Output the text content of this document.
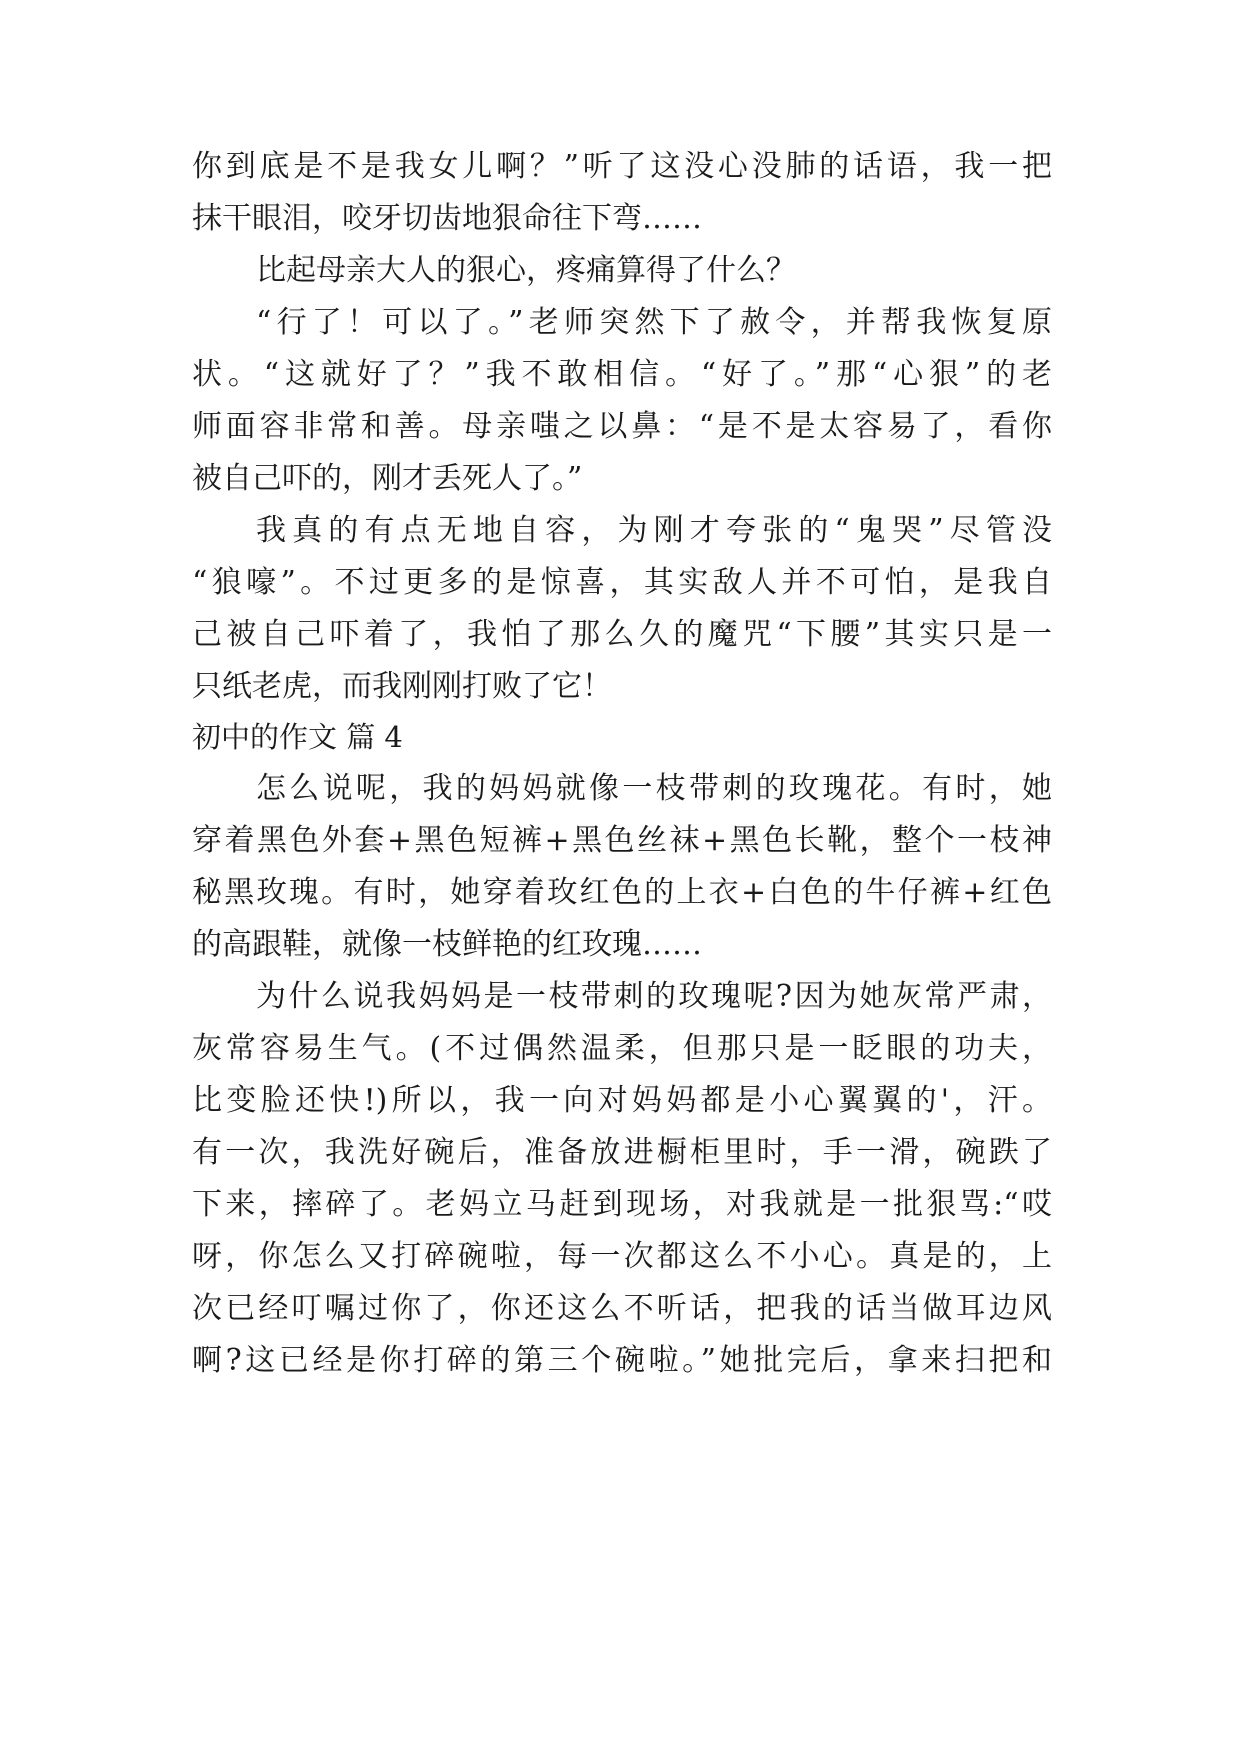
你到底是不是我女儿啊？”听了这没心没肺的话语，我一把
抹干眼泪，咬牙切齿地狠命往下弯……
比起母亲大人的狠心，疼痛算得了什么？
“行了！可以了。”老师突然下了赦令，并帮我恢复原
状。“这就好了？”我不敢相信。“好了。”那“心狠”的老
师面容非常和善。母亲嗤之以鼻：“是不是太容易了，看你
被自己吓的，刚才丢死人了。”
我真的有点无地自容，为刚才夸张的“鬼哭”尽管没
“狼嚎”。不过更多的是惊喜，其实敌人并不可怕，是我自
己被自己吓着了，我怕了那么久的魔咒“下腰”其实只是一
只纸老虎，而我刚刚打败了它！
初中的作文 篇 4
怎么说呢，我的妈妈就像一枝带刺的玫瑰花。有时，她
穿着黑色外套+黑色短裤+黑色丝袜+黑色长靴，整个一枝神
秘黑玫瑰。有时，她穿着玫红色的上衣+白色的牛仔裤+红色
的高跟鞋，就像一枝鲜艳的红玫瑰……
为什么说我妈妈是一枝带刺的玫瑰呢?因为她灰常严肃，
灰常容易生气。(不过偶然温柔，但那只是一眨眼的功夫，
比变脸还快!)所以，我一向对妈妈都是小心翼翼的'，汗。
有一次，我洗好碗后，准备放进橱柜里时，手一滑，碗跌了
下来，摔碎了。老妈立马赶到现场，对我就是一批狠骂:“哎
呀，你怎么又打碎碗啦，每一次都这么不小心。真是的，上
次已经叮嘱过你了，你还这么不听话，把我的话当做耳边风
啊?这已经是你打碎的第三个碗啦。”她批完后，拿来扫把和
